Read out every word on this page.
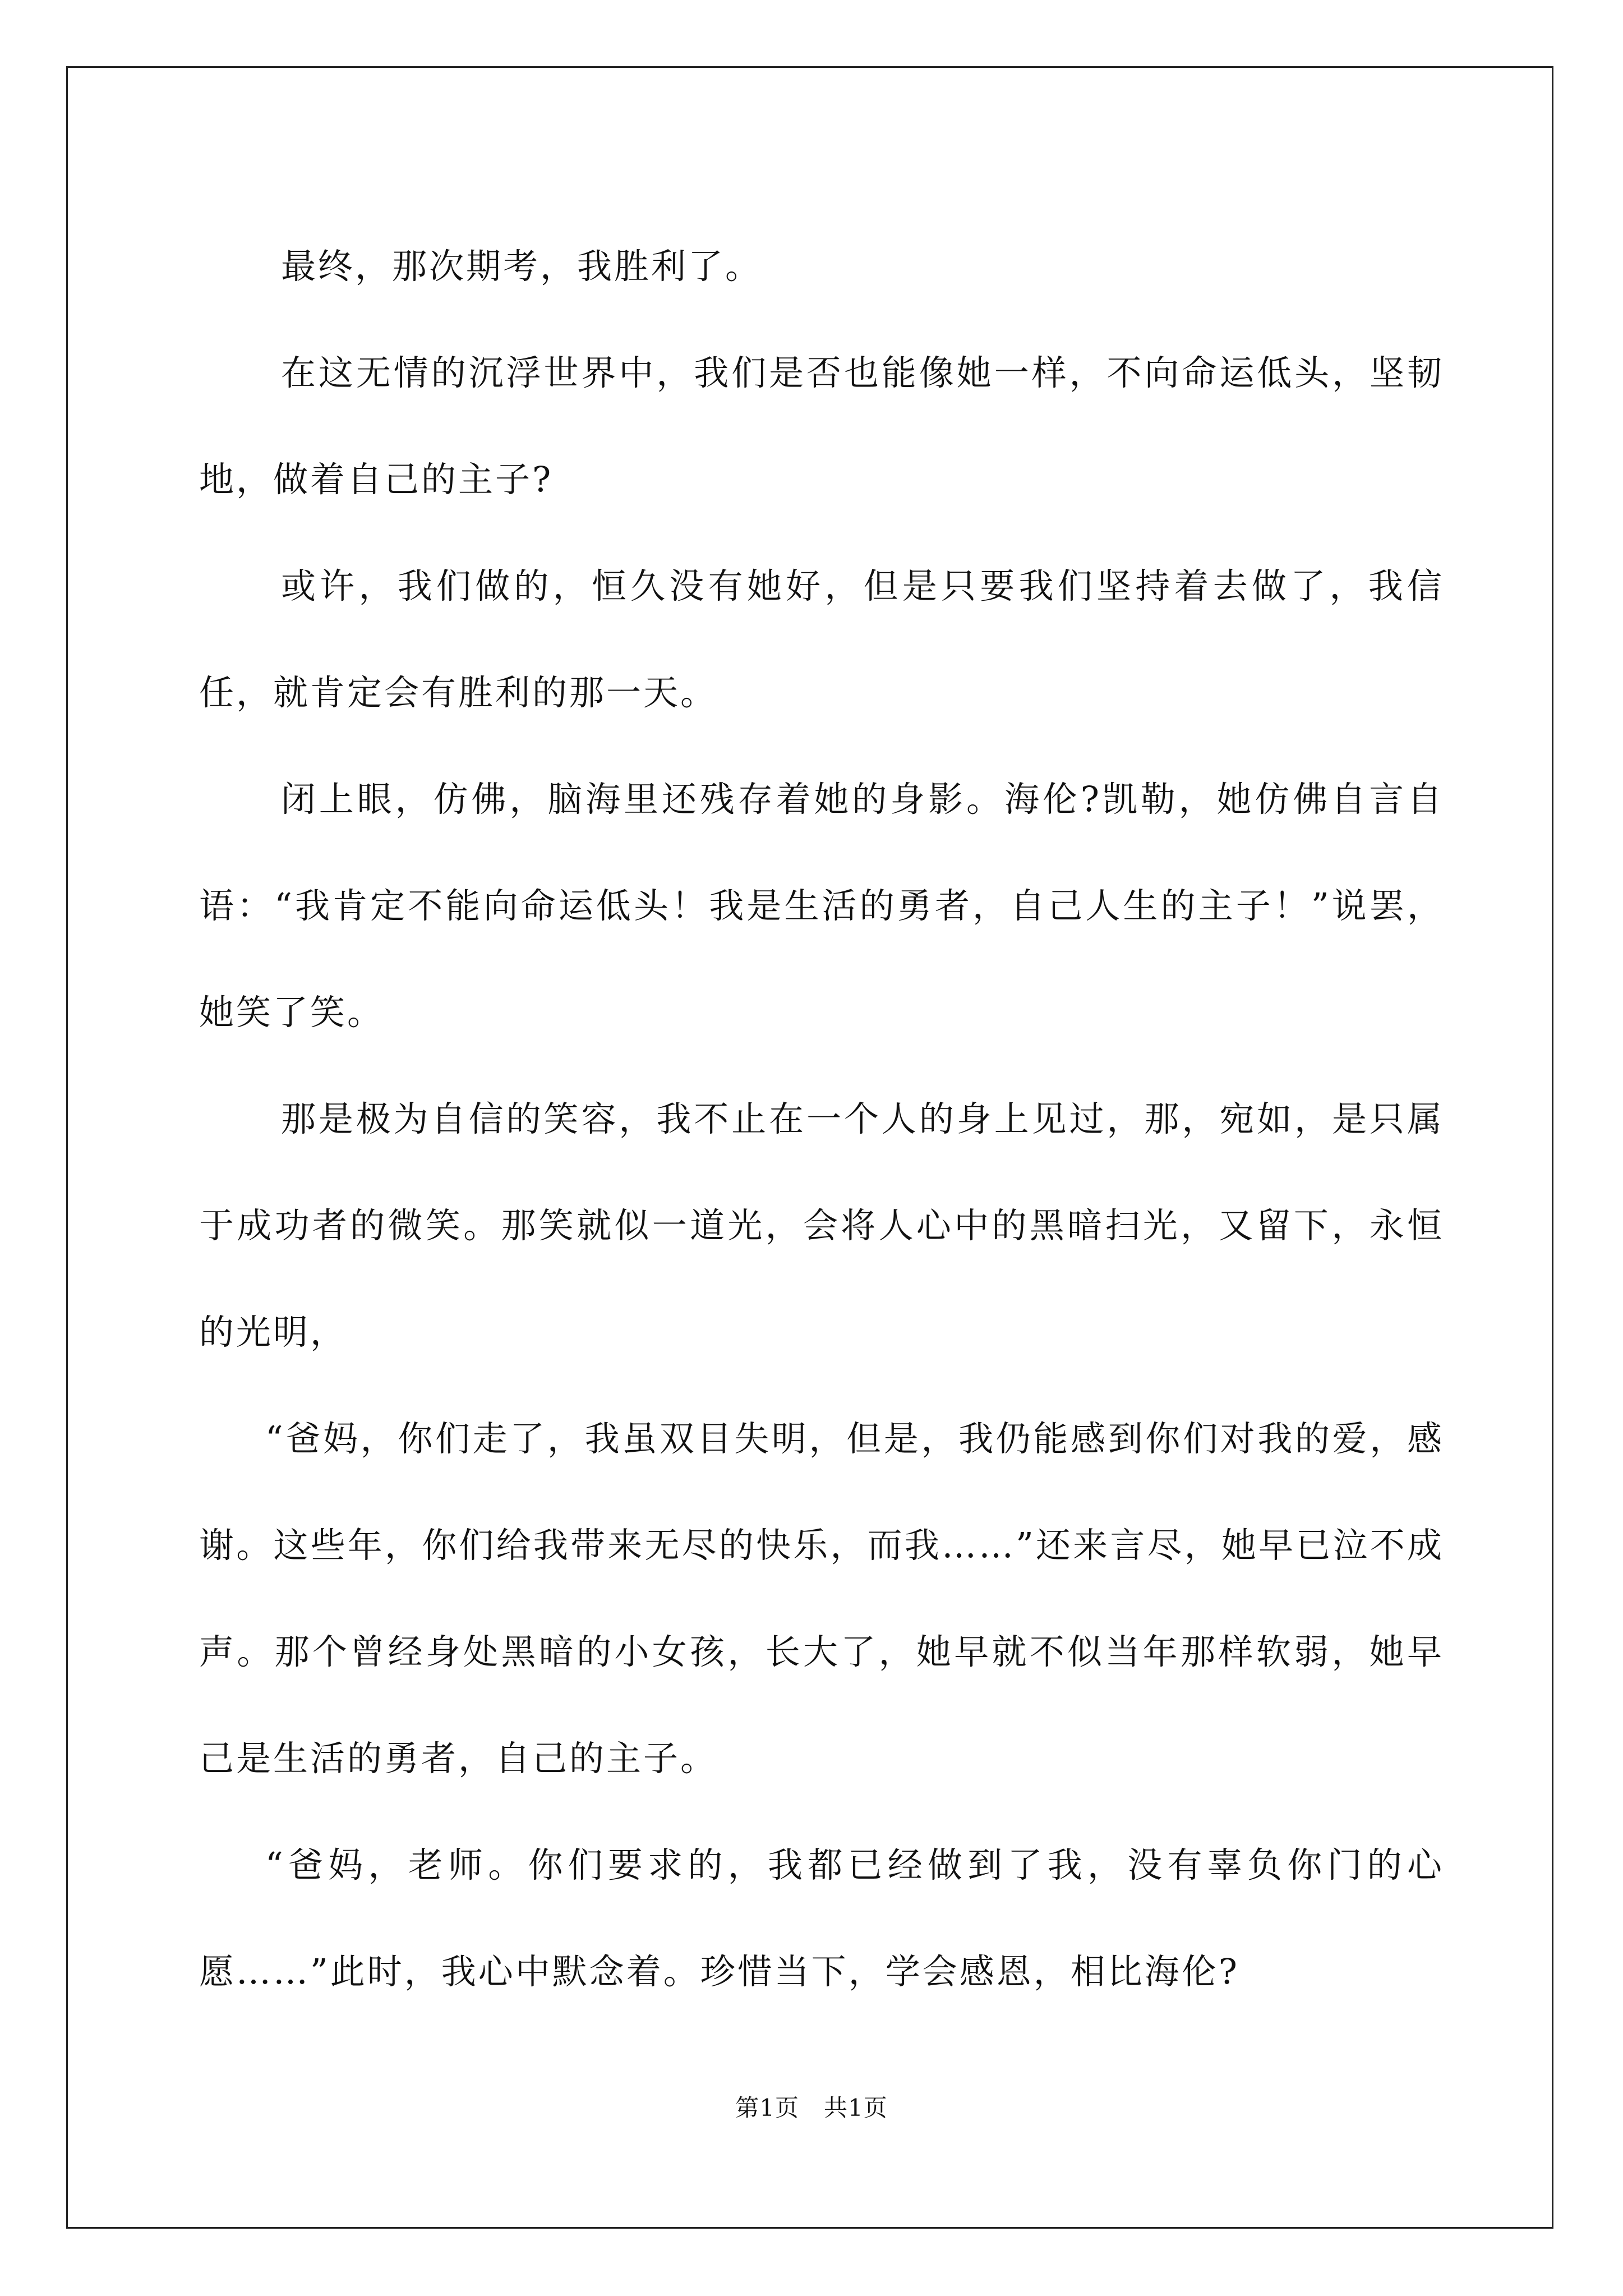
最终，那次期考，我胜利了。

在这无情的沉浮世界中，我们是否也能像她一样，不向命运低头，坚韧地，做着自己的主子?

或许，我们做的，恒久没有她好，但是只要我们坚持着去做了，我信任，就肯定会有胜利的那一天。

闭上眼，仿佛，脑海里还残存着她的身影。海伦?凯勒，她仿佛自言自语：“我肯定不能向命运低头！我是生活的勇者，自己人生的主子！”说罢，她笑了笑。

那是极为自信的笑容，我不止在一个人的身上见过，那，宛如，是只属于成功者的微笑。那笑就似一道光，会将人心中的黑暗扫光，又留下，永恒的光明，

“爸妈，你们走了，我虽双目失明，但是，我仍能感到你们对我的爱，感谢。这些年，你们给我带来无尽的快乐，而我……”还来言尽，她早已泣不成声。那个曾经身处黑暗的小女孩，长大了，她早就不似当年那样软弱，她早己是生活的勇者，自己的主子。

“爸妈，老师。你们要求的，我都已经做到了我，没有辜负你门的心愿……”此时，我心中默念着。珍惜当下，学会感恩，相比海伦?

第1页 共1页
